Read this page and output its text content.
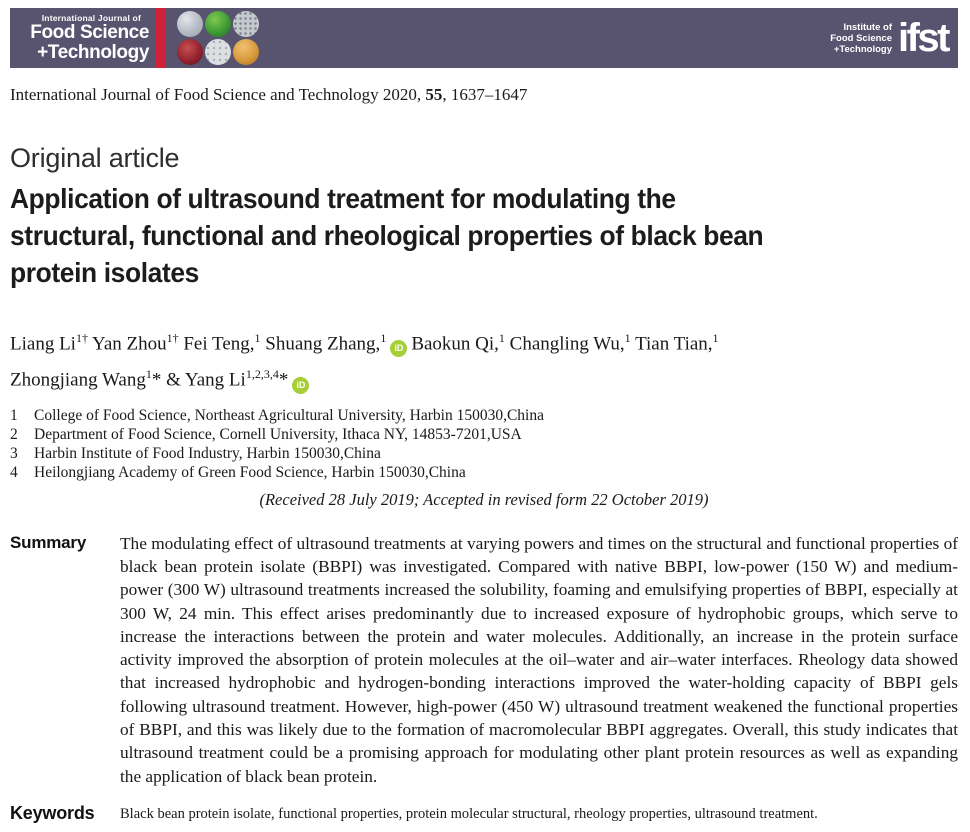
International Journal of
Food Science
+Technology
Institute of
Food Science
+Technology ifst
International Journal of Food Science and Technology 2020, 55, 1637–1647
Original article
Application of ultrasound treatment for modulating the
structural, functional and rheological properties of black bean
protein isolates
Liang $Li^{1\dagger}$ Yan Zhou$^{1\dagger}$ Fei Teng,$^1$ Shuang Zhang,$^1$iD Baokun Qi,$^1$ Changling Wu,$^1$ Tian Tian,$^1$
Zhongjiang Wang$^1$* & Yang Li$^{1,2,3,4}$* iD
1 College of Food Science, Northeast Agricultural University, Harbin 150030,China
2 Department of Food Science, Cornell University, Ithaca NY, 14853-7201,USA
3 Harbin Institute of Food Industry, Harbin 150030,China
4 Heilongjiang Academy of Green Food Science, Harbin 150030,China
(Received 28 July 2019; Accepted in revised form 22 October 2019)
Summary	The modulating effect of ultrasound treatments at varying powers and times on the structural and functional properties of black bean protein isolate (BBPI) was investigated. Compared with native BBPI, low-power (150 W) and medium-power (300 W) ultrasound treatments increased the solubility, foaming and emulsifying properties of BBPI, especially at 300 W, 24 min. This effect arises predominantly due to increased exposure of hydrophobic groups, which serve to increase the interactions between the protein and water molecules. Additionally, an increase in the protein surface activity improved the absorption of protein molecules at the oil–water and air–water interfaces. Rheology data showed that increased hydrophobic and hydrogen-bonding interactions improved the water-holding capacity of BBPI gels following ultrasound treatment. However, high-power (450 W) ultrasound treatment weakened the functional properties of BBPI, and this was likely due to the formation of macromolecular BBPI aggregates. Overall, this study indicates that ultrasound treatment could be a promising approach for modulating other plant protein resources as well as expanding the application of black bean protein.
Keywords	Black bean protein isolate, functional properties, protein molecular structural, rheology properties, ultrasound treatment.
